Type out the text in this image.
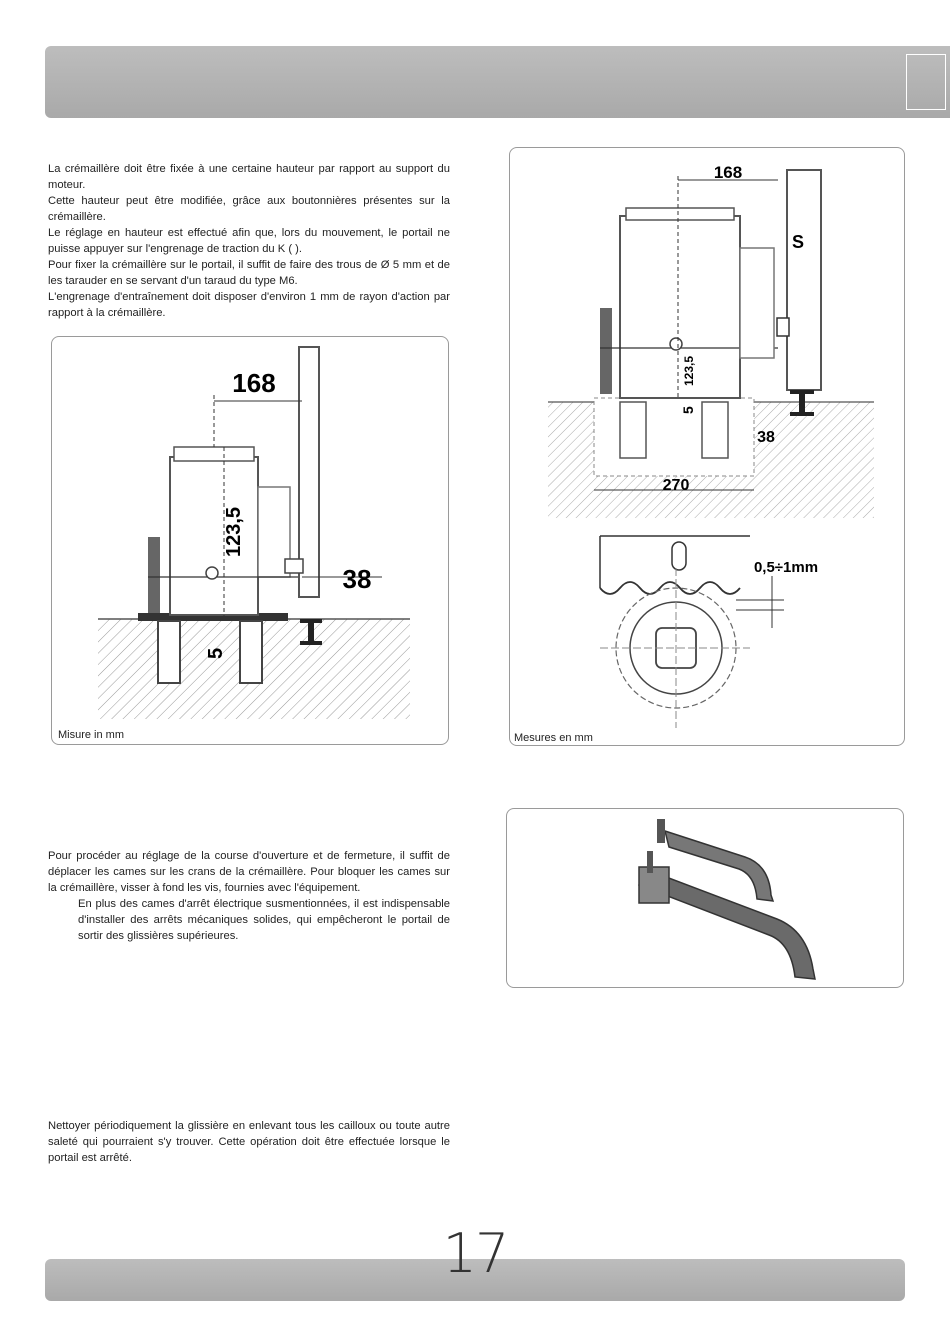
La crémaillère doit être fixée à une certaine hauteur par rapport au support du moteur.

Cette hauteur peut être modifiée, grâce aux boutonnières présentes sur la crémaillère.

Le réglage en hauteur est effectué afin que, lors du mouvement, le portail ne puisse appuyer sur l'engrenage de traction du K ( ).

Pour fixer la crémaillère sur le portail, il suffit de faire des trous de Ø 5 mm et de les tarauder en se servant d'un taraud du type M6.

L'engrenage d'entraînement doit disposer d'environ 1 mm de rayon d'action par rapport à la crémaillère.

168
123,5
38
5
Misure in mm
168
S
123,5
5
38
270
0,5÷1mm
Mesures en mm

Pour procéder au réglage de la course d'ouverture et de fermeture, il suffit de déplacer les cames sur les crans de la crémaillère. Pour bloquer les cames sur la crémaillère, visser à fond les vis, fournies avec l'équipement.

En plus des cames d'arrêt électrique susmentionnées, il est indispensable d'installer des arrêts mécaniques solides, qui empêcheront le portail de sortir des glissières supérieures.

Nettoyer périodiquement la glissière en enlevant tous les cailloux ou toute autre saleté qui pourraient s'y trouver. Cette opération doit être effectuée lorsque le portail est arrêté.

17
